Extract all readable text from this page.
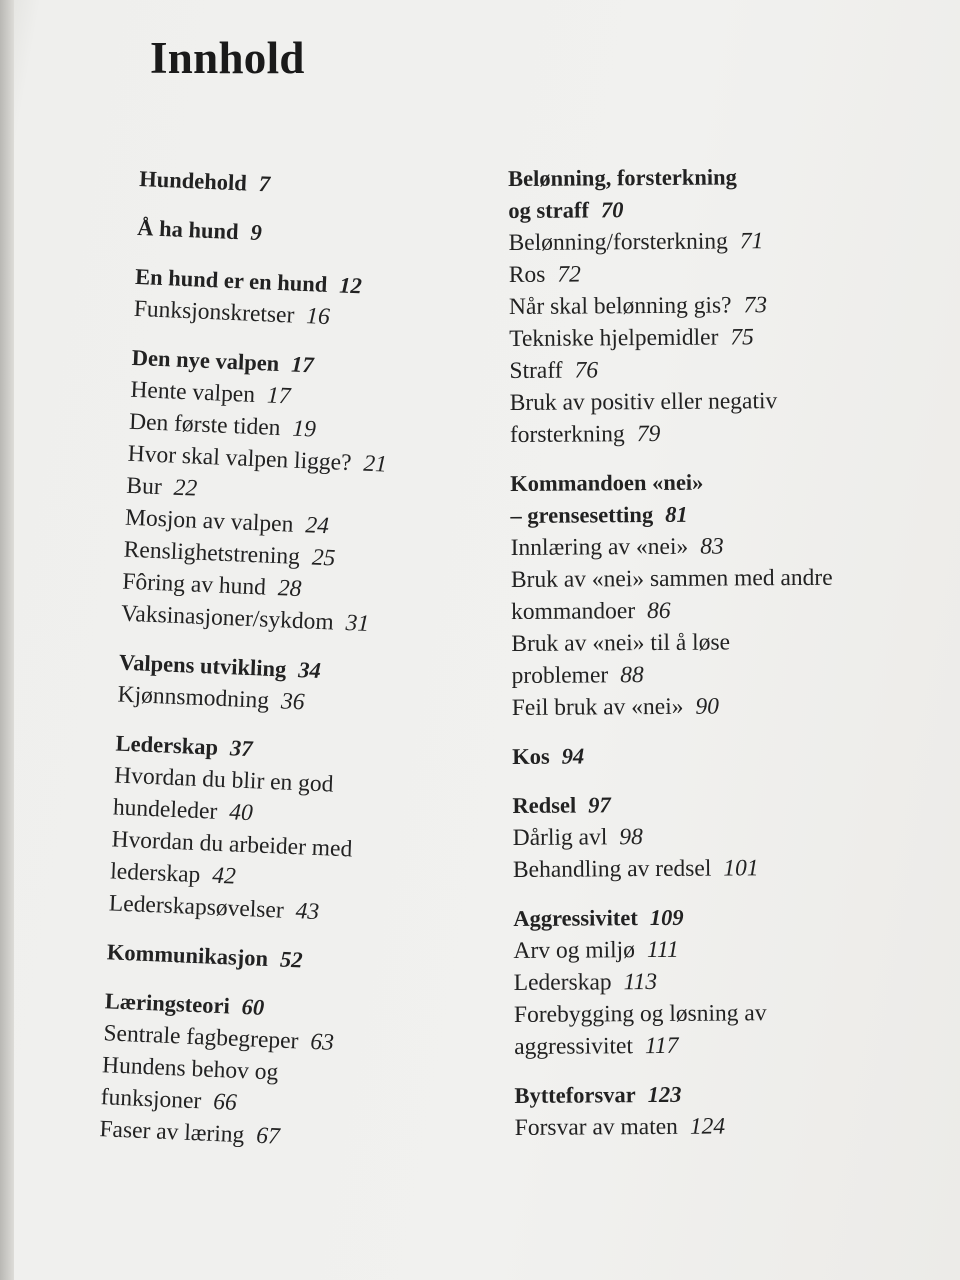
Innhold
Hundehold 7
Å ha hund 9
En hund er en hund 12
Funksjonskretser 16
Den nye valpen 17
Hente valpen 17
Den første tiden 19
Hvor skal valpen ligge? 21
Bur 22
Mosjon av valpen 24
Renslighetstrening 25
Fôring av hund 28
Vaksinasjoner/sykdom 31
Valpens utvikling 34
Kjønnsmodning 36
Lederskap 37
Hvordan du blir en god
hundeleder 40
Hvordan du arbeider med
lederskap 42
Lederskapsøvelser 43
Kommunikasjon 52
Læringsteori 60
Sentrale fagbegreper 63
Hundens behov og
funksjoner 66
Faser av læring 67
Belønning, forsterkning
og straff 70
Belønning/forsterkning 71
Ros 72
Når skal belønning gis? 73
Tekniske hjelpemidler 75
Straff 76
Bruk av positiv eller negativ
forsterkning 79
Kommandoen «nei»
– grensesetting 81
Innlæring av «nei» 83
Bruk av «nei» sammen med andre
kommandoer 86
Bruk av «nei» til å løse
problemer 88
Feil bruk av «nei» 90
Kos 94
Redsel 97
Dårlig avl 98
Behandling av redsel 101
Aggressivitet 109
Arv og miljø 111
Lederskap 113
Forebygging og løsning av
aggressivitet 117
Bytteforsvar 123
Forsvar av maten 124
